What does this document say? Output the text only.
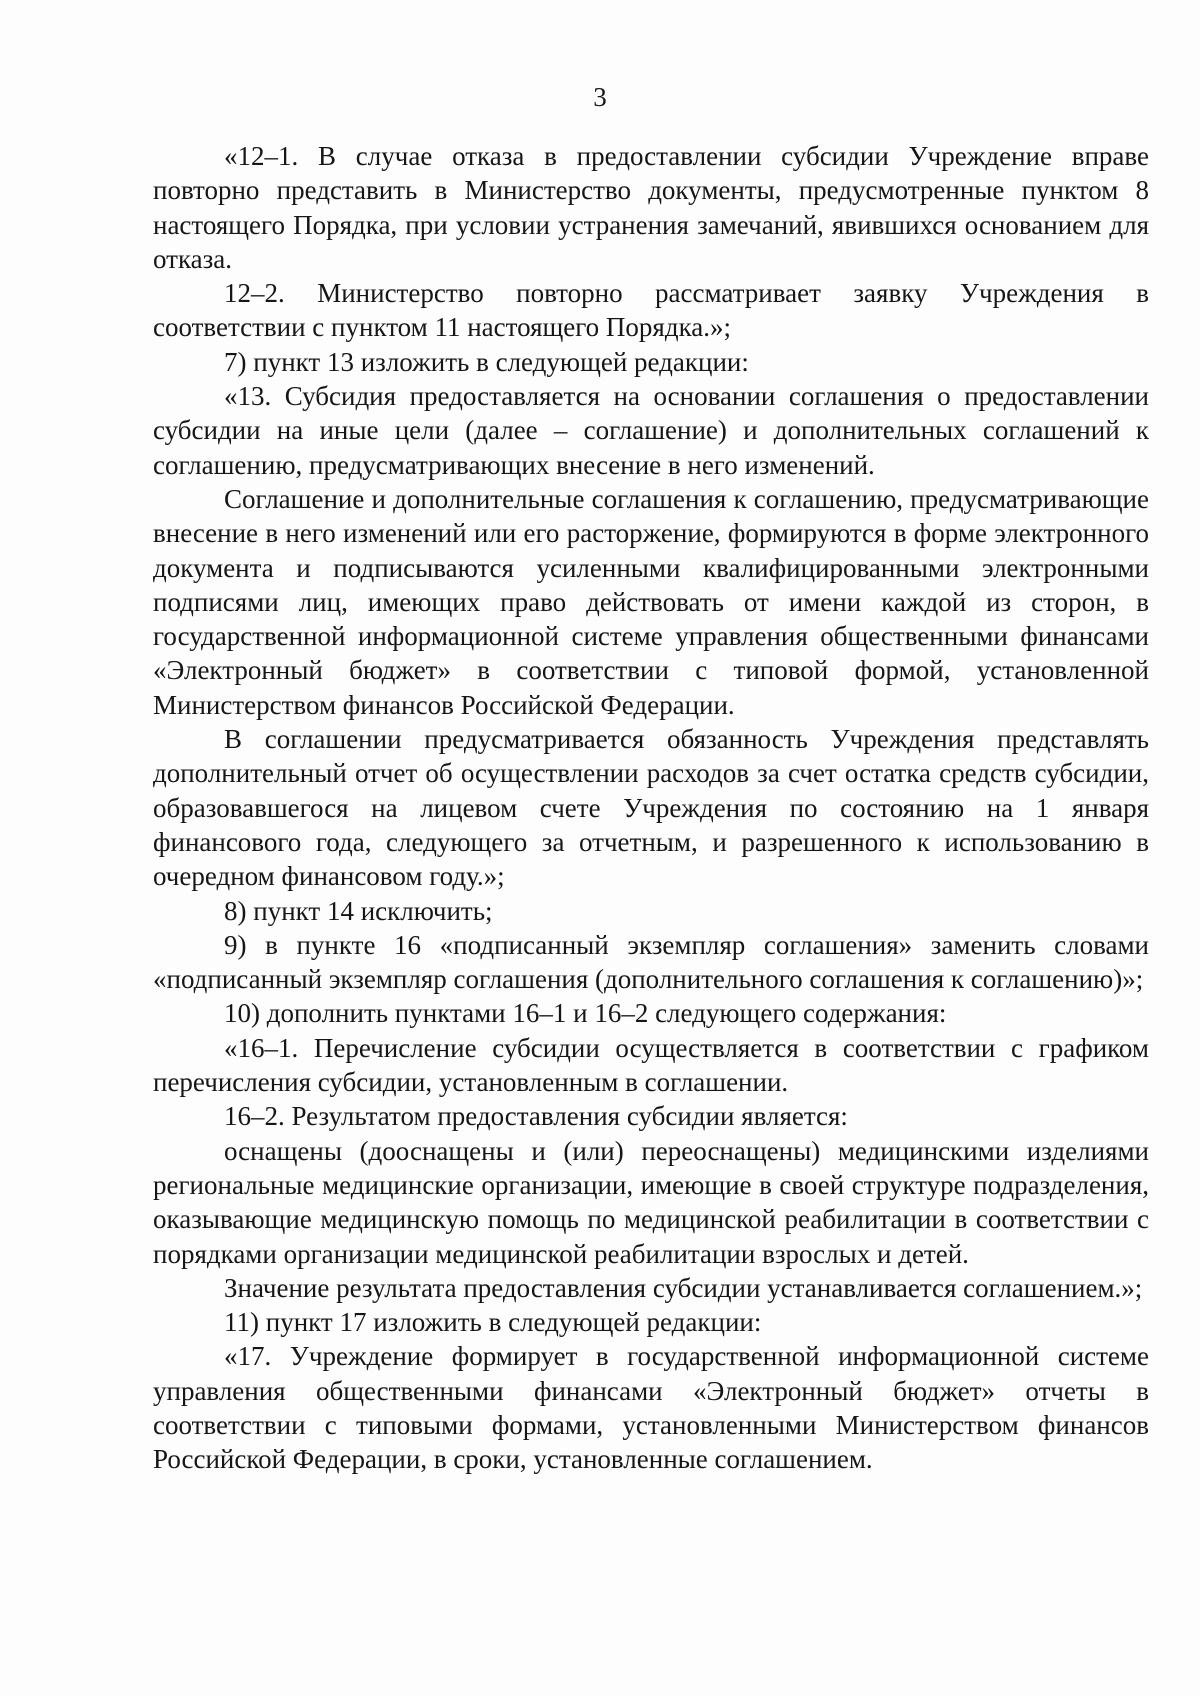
3

«12–1. В случае отказа в предоставлении субсидии Учреждение вправе повторно представить в Министерство документы, предусмотренные пунктом 8 настоящего Порядка, при условии устранения замечаний, явившихся основанием для отказа.

12–2. Министерство повторно рассматривает заявку Учреждения в соответствии с пунктом 11 настоящего Порядка.»;

7) пункт 13 изложить в следующей редакции:

«13. Субсидия предоставляется на основании соглашения о предоставлении субсидии на иные цели (далее – соглашение) и дополнительных соглашений к соглашению, предусматривающих внесение в него изменений.

Соглашение и дополнительные соглашения к соглашению, предусматривающие внесение в него изменений или его расторжение, формируются в форме электронного документа и подписываются усиленными квалифицированными электронными подписями лиц, имеющих право действовать от имени каждой из сторон, в государственной информационной системе управления общественными финансами «Электронный бюджет» в соответствии с типовой формой, установленной Министерством финансов Российской Федерации.

В соглашении предусматривается обязанность Учреждения представлять дополнительный отчет об осуществлении расходов за счет остатка средств субсидии, образовавшегося на лицевом счете Учреждения по состоянию на 1 января финансового года, следующего за отчетным, и разрешенного к использованию в очередном финансовом году.»;

8) пункт 14 исключить;

9) в пункте 16 «подписанный экземпляр соглашения» заменить словами «подписанный экземпляр соглашения (дополнительного соглашения к соглашению)»;

10) дополнить пунктами 16–1 и 16–2 следующего содержания:

«16–1. Перечисление субсидии осуществляется в соответствии с графиком перечисления субсидии, установленным в соглашении.

16–2. Результатом предоставления субсидии является:

оснащены (дооснащены и (или) переоснащены) медицинскими изделиями региональные медицинские организации, имеющие в своей структуре подразделения, оказывающие медицинскую помощь по медицинской реабилитации в соответствии с порядками организации медицинской реабилитации взрослых и детей.

Значение результата предоставления субсидии устанавливается соглашением.»;

11) пункт 17 изложить в следующей редакции:

«17. Учреждение формирует в государственной информационной системе управления общественными финансами «Электронный бюджет» отчеты в соответствии с типовыми формами, установленными Министерством финансов Российской Федерации, в сроки, установленные соглашением.
